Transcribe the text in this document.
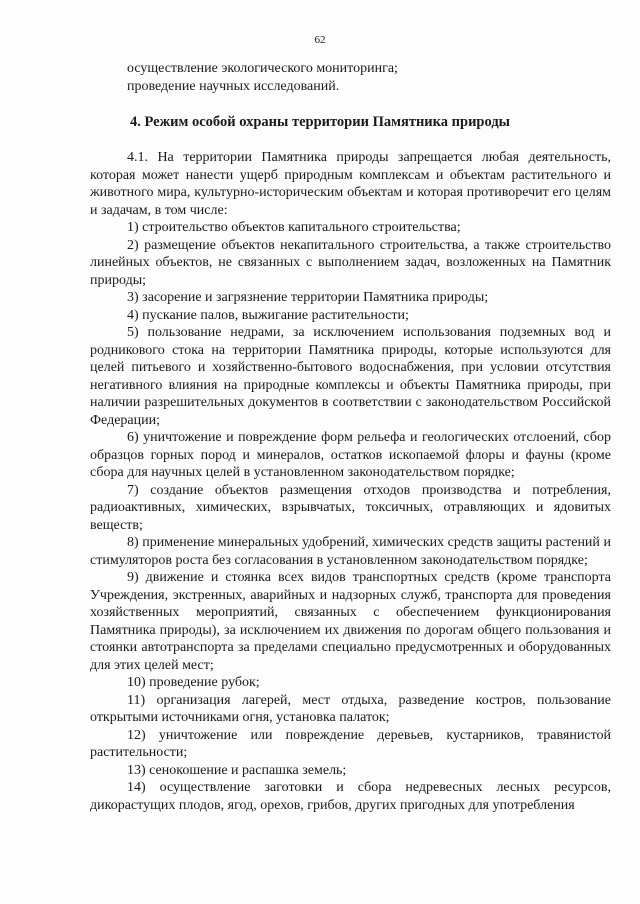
62
осуществление экологического мониторинга;
проведение научных исследований.
4. Режим особой охраны территории Памятника природы

4.1. На территории Памятника природы запрещается любая деятельность, которая может нанести ущерб природным комплексам и объектам растительного и животного мира, культурно-историческим объектам и которая противоречит его целям и задачам, в том числе:

1) строительство объектов капитального строительства;

2) размещение объектов некапитального строительства, а также строительство линейных объектов, не связанных с выполнением задач, возложенных на Памятник природы;

3) засорение и загрязнение территории Памятника природы;

4) пускание палов, выжигание растительности;

5) пользование недрами, за исключением использования подземных вод и родникового стока на территории Памятника природы, которые используются для целей питьевого и хозяйственно-бытового водоснабжения, при условии отсутствия негативного влияния на природные комплексы и объекты Памятника природы, при наличии разрешительных документов в соответствии с законодательством Российской Федерации;

6) уничтожение и повреждение форм рельефа и геологических отслоений, сбор образцов горных пород и минералов, остатков ископаемой флоры и фауны (кроме сбора для научных целей в установленном законодательством порядке;

7) создание объектов размещения отходов производства и потребления, радиоактивных, химических, взрывчатых, токсичных, отравляющих и ядовитых веществ;

8) применение минеральных удобрений, химических средств защиты растений и стимуляторов роста без согласования в установленном законодательством порядке;

9) движение и стоянка всех видов транспортных средств (кроме транспорта Учреждения, экстренных, аварийных и надзорных служб, транспорта для проведения хозяйственных мероприятий, связанных с обеспечением функционирования Памятника природы), за исключением их движения по дорогам общего пользования и стоянки автотранспорта за пределами специально предусмотренных и оборудованных для этих целей мест;

10) проведение рубок;

11) организация лагерей, мест отдыха, разведение костров, пользование открытыми источниками огня, установка палаток;

12) уничтожение или повреждение деревьев, кустарников, травянистой растительности;

13) сенокошение и распашка земель;

14) осуществление заготовки и сбора недревесных лесных ресурсов, дикорастущих плодов, ягод, орехов, грибов, других пригодных для употребления
